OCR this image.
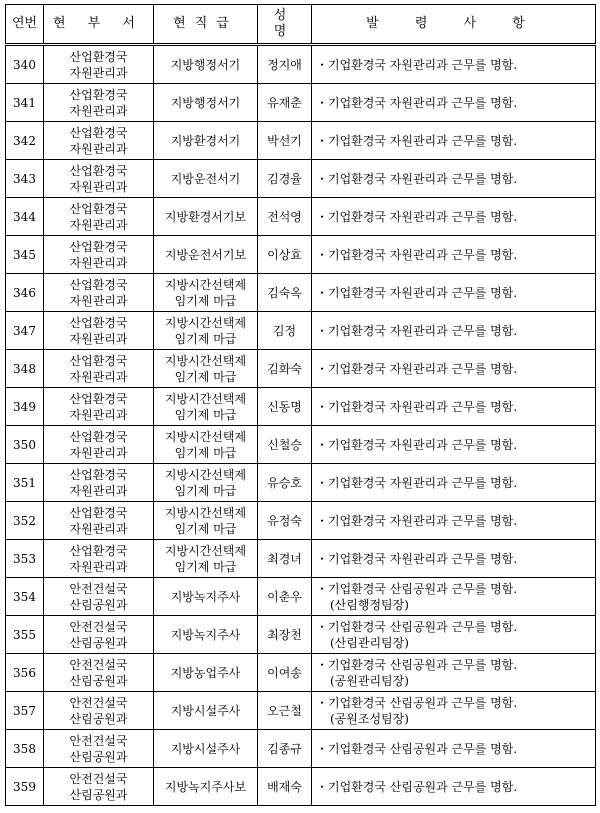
연번	현 부 서	현직급	성 명	발 령 사 항
340	산업환경국
자원관리과	지방행정서기	정지애	・기업환경국 자원관리과 근무를 명함.

341	산업환경국
자원관리과	지방행정서기	유재춘	・기업환경국 자원관리과 근무를 명함.

342	산업환경국
자원관리과	지방환경서기	박선기	・기업환경국 자원관리과 근무를 명함.

343	산업환경국
자원관리과	지방운전서기	김경율	・기업환경국 자원관리과 근무를 명함.

344	산업환경국
자원관리과	지방환경서기보	전석영	・기업환경국 자원관리과 근무를 명함.

345	산업환경국
자원관리과	지방운전서기보	이상효	・기업환경국 자원관리과 근무를 명함.

346	산업환경국
자원관리과	지방시간선택제
임기제 마급	김숙옥	・기업환경국 자원관리과 근무를 명함.

347	산업환경국
자원관리과	지방시간선택제
임기제 마급	김정	・기업환경국 자원관리과 근무를 명함.

348	산업환경국
자원관리과	지방시간선택제
임기제 마급	김화숙	・기업환경국 자원관리과 근무를 명함.

349	산업환경국
자원관리과	지방시간선택제
임기제 마급	신동명	・기업환경국 자원관리과 근무를 명함.

350	산업환경국
자원관리과	지방시간선택제
임기제 마급	신철승	・기업환경국 자원관리과 근무를 명함.

351	산업환경국
자원관리과	지방시간선택제
임기제 마급	유승호	・기업환경국 자원관리과 근무를 명함.

352	산업환경국
자원관리과	지방시간선택제
임기제 마급	유정숙	・기업환경국 자원관리과 근무를 명함.

353	산업환경국
자원관리과	지방시간선택제
임기제 마급	최경녀	・기업환경국 자원관리과 근무를 명함.

354	안전건설국
산림공원과	지방녹지주사	이춘우	・기업환경국 산림공원과 근무를 명함.
(산림행정팀장)

355	안전건설국
산림공원과	지방녹지주사	최장천	・기업환경국 산림공원과 근무를 명함.
(산림관리팀장)

356	안전건설국
산림공원과	지방농업주사	이여송	・기업환경국 산림공원과 근무를 명함.
(공원관리팀장)

357	안전건설국
산림공원과	지방시설주사	오근철	・기업환경국 산림공원과 근무를 명함.
(공원조성팀장)

358	안전건설국
산림공원과	지방시설주사	김종규	・기업환경국 산림공원과 근무를 명함.

359	안전건설국
산림공원과	지방녹지주사보	배재숙	・기업환경국 산림공원과 근무를 명함.
